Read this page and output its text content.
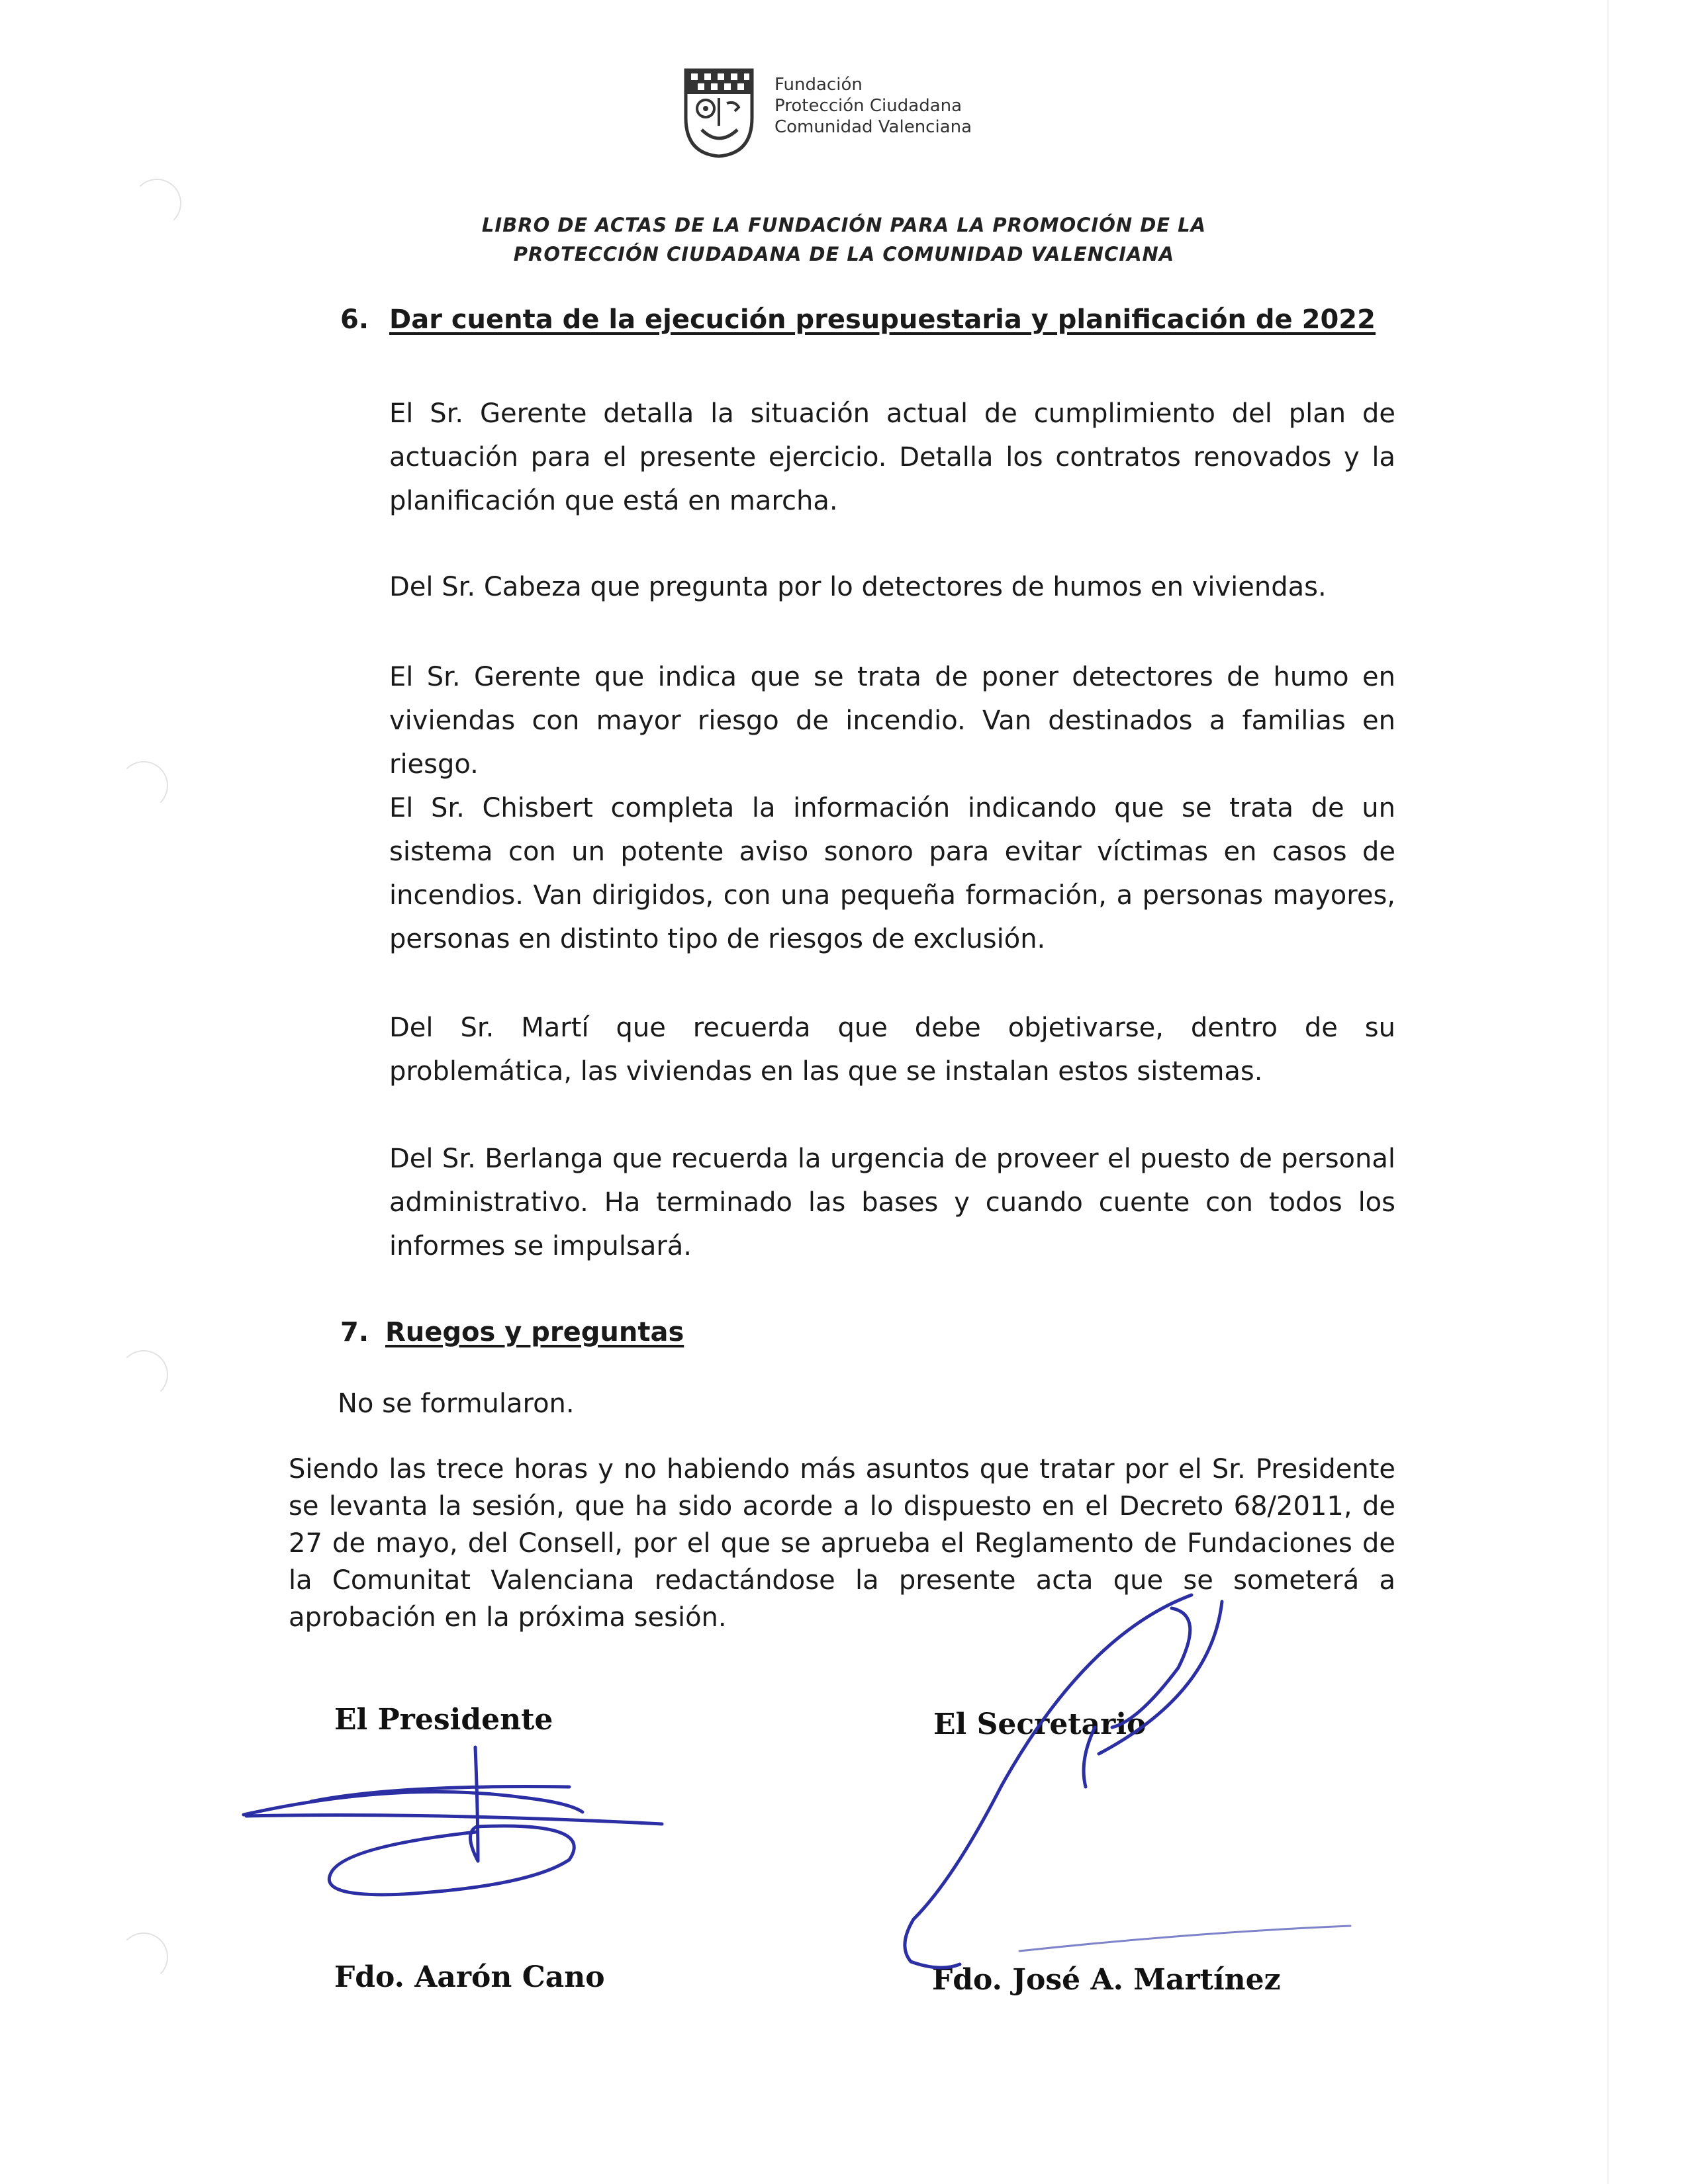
Fundación
Protección Ciudadana
Comunidad Valenciana
LIBRO DE ACTAS DE LA FUNDACIÓN PARA LA PROMOCIÓN DE LA
PROTECCIÓN CIUDADANA DE LA COMUNIDAD VALENCIANA
6. Dar cuenta de la ejecución presupuestaria y planificación de 2022
El Sr. Gerente detalla la situación actual de cumplimiento del plan de actuación para el presente ejercicio. Detalla los contratos renovados y la planificación que está en marcha.
Del Sr. Cabeza que pregunta por lo detectores de humos en viviendas.
El Sr. Gerente que indica que se trata de poner detectores de humo en viviendas con mayor riesgo de incendio. Van destinados a familias en riesgo.
El Sr. Chisbert completa la información indicando que se trata de un sistema con un potente aviso sonoro para evitar víctimas en casos de incendios. Van dirigidos, con una pequeña formación, a personas mayores, personas en distinto tipo de riesgos de exclusión.
Del Sr. Martí que recuerda que debe objetivarse, dentro de su problemática, las viviendas en las que se instalan estos sistemas.
Del Sr. Berlanga que recuerda la urgencia de proveer el puesto de personal administrativo. Ha terminado las bases y cuando cuente con todos los informes se impulsará.
7. Ruegos y preguntas
No se formularon.
Siendo las trece horas y no habiendo más asuntos que tratar por el Sr. Presidente se levanta la sesión, que ha sido acorde a lo dispuesto en el Decreto 68/2011, de 27 de mayo, del Consell, por el que se aprueba el Reglamento de Fundaciones de la Comunitat Valenciana redactándose la presente acta que se someterá a aprobación en la próxima sesión.
El Presidente	El Secretario
Fdo. Aarón Cano	Fdo. José A. Martínez
